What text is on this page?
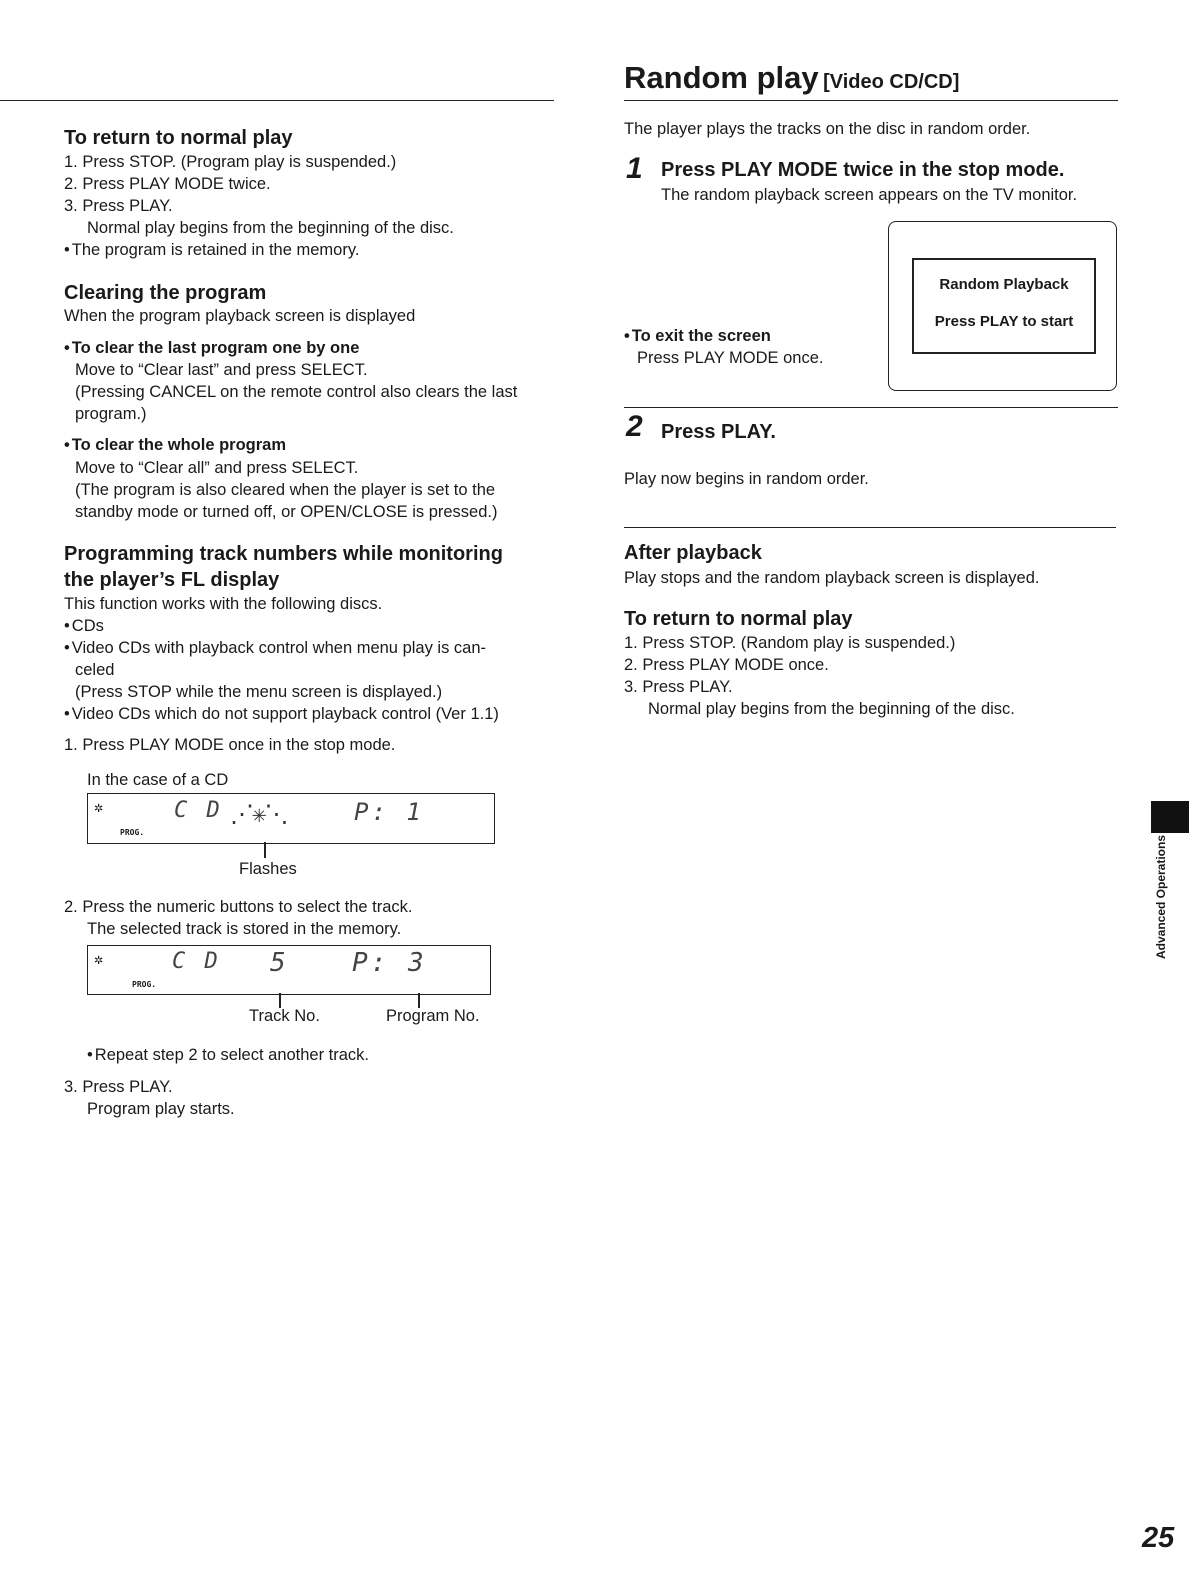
To return to normal play
1. Press STOP. (Program play is suspended.)
2. Press PLAY MODE twice.
3. Press PLAY.
Normal play begins from the beginning of the disc.
• The program is retained in the memory.
Clearing the program
When the program playback screen is displayed
• To clear the last program one by one
Move to “Clear last” and press SELECT.
(Pressing CANCEL on the remote control also clears the last
program.)
• To clear the whole program
Move to “Clear all” and press SELECT.
(The program is also cleared when the player is set to the
standby mode or turned off, or OPEN/CLOSE is pressed.)
Programming track numbers while monitoring
the player’s FL display
This function works with the following discs.
• CDs
• Video CDs with playback control when menu play is can-
celed
(Press STOP while the menu screen is displayed.)
• Video CDs which do not support playback control (Ver 1.1)
1. Press PLAY MODE once in the stop mode.
In the case of a CD
✲
PROG.
C D ⋰✳⋱	P: 1
Flashes
2. Press the numeric buttons to select the track.
The selected track is stored in the memory.
✲
PROG.
C D 5 P: 3
Track No.	Program No.
• Repeat step 2 to select another track.
3. Press PLAY.
Program play starts.
Random play [Video CD/CD]
The player plays the tracks on the disc in random order.
1 Press PLAY MODE twice in the stop mode.
The random playback screen appears on the TV monitor.
Random Playback
Press PLAY to start
• To exit the screen
Press PLAY MODE once.
2 Press PLAY.
Play now begins in random order.
After playback
Play stops and the random playback screen is displayed.
To return to normal play
1. Press STOP. (Random play is suspended.)
2. Press PLAY MODE once.
3. Press PLAY.
Normal play begins from the beginning of the disc.
Advanced Operations
25
